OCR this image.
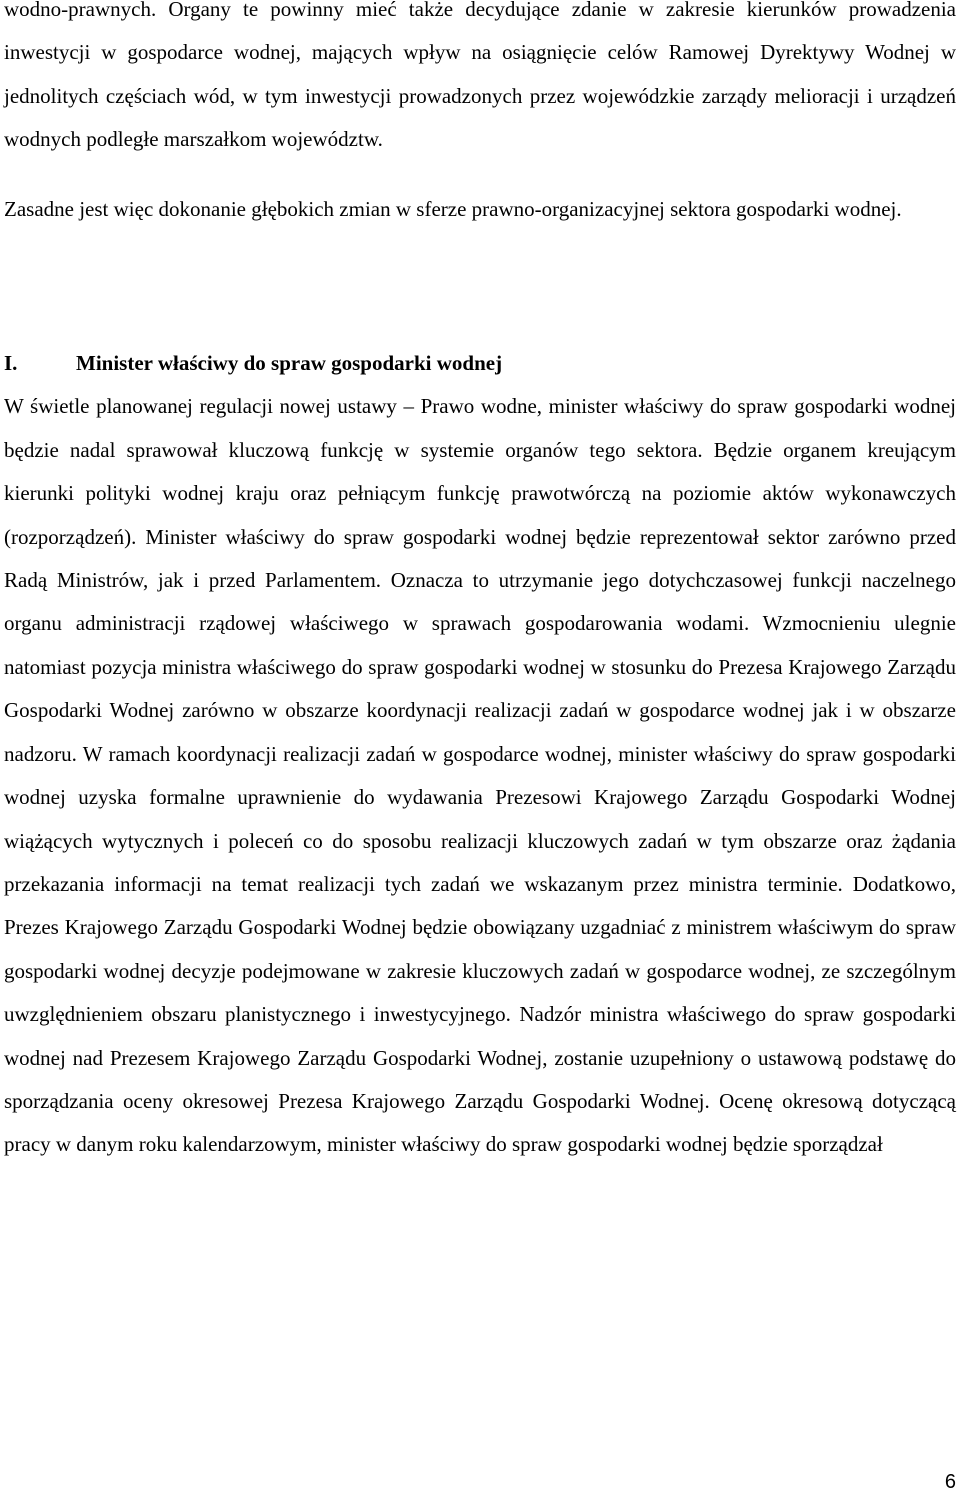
wodno-prawnych. Organy te powinny mieć także decydujące zdanie w zakresie kierunków prowadzenia inwestycji w gospodarce wodnej, mających wpływ na osiągnięcie celów Ramowej Dyrektywy Wodnej w jednolitych częściach wód, w tym inwestycji prowadzonych przez wojewódzkie zarządy melioracji i urządzeń wodnych podległe marszałkom województw.

Zasadne jest więc dokonanie głębokich zmian w sferze prawno-organizacyjnej sektora gospodarki wodnej.

I.	Minister właściwy do spraw gospodarki wodnej

W świetle planowanej regulacji nowej ustawy – Prawo wodne, minister właściwy do spraw gospodarki wodnej będzie nadal sprawował kluczową funkcję w systemie organów tego sektora. Będzie organem kreującym kierunki polityki wodnej kraju oraz pełniącym funkcję prawotwórczą na poziomie aktów wykonawczych (rozporządzeń). Minister właściwy do spraw gospodarki wodnej będzie reprezentował sektor zarówno przed Radą Ministrów, jak i przed Parlamentem. Oznacza to utrzymanie jego dotychczasowej funkcji naczelnego organu administracji rządowej właściwego w sprawach gospodarowania wodami. Wzmocnieniu ulegnie natomiast pozycja ministra właściwego do spraw gospodarki wodnej w stosunku do Prezesa Krajowego Zarządu Gospodarki Wodnej zarówno w obszarze koordynacji realizacji zadań w gospodarce wodnej jak i w obszarze nadzoru. W ramach koordynacji realizacji zadań w gospodarce wodnej, minister właściwy do spraw gospodarki wodnej uzyska formalne uprawnienie do wydawania Prezesowi Krajowego Zarządu Gospodarki Wodnej wiążących wytycznych i poleceń co do sposobu realizacji kluczowych zadań w tym obszarze oraz żądania przekazania informacji na temat realizacji tych zadań we wskazanym przez ministra terminie. Dodatkowo, Prezes Krajowego Zarządu Gospodarki Wodnej będzie obowiązany uzgadniać z ministrem właściwym do spraw gospodarki wodnej decyzje podejmowane w zakresie kluczowych zadań w gospodarce wodnej, ze szczególnym uwzględnieniem obszaru planistycznego i inwestycyjnego. Nadzór ministra właściwego do spraw gospodarki wodnej nad Prezesem Krajowego Zarządu Gospodarki Wodnej, zostanie uzupełniony o ustawową podstawę do sporządzania oceny okresowej Prezesa Krajowego Zarządu Gospodarki Wodnej. Ocenę okresową dotyczącą pracy w danym roku kalendarzowym, minister właściwy do spraw gospodarki wodnej będzie sporządzał

6
